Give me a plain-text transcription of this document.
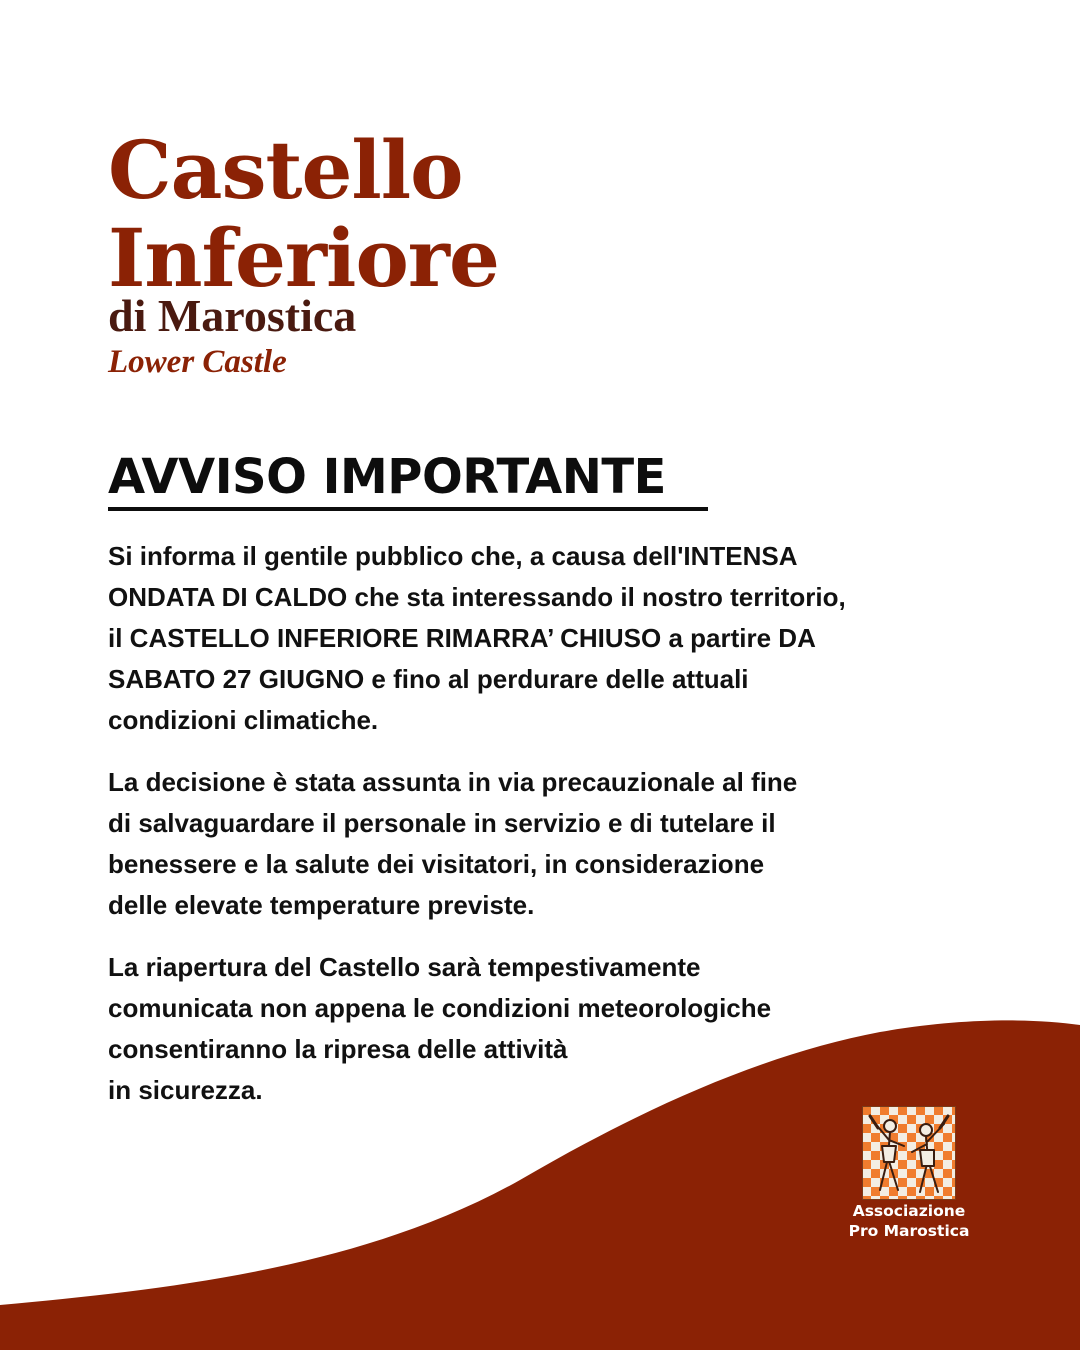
Castello
Inferiore
di Marostica

Lower Castle

AVVISO IMPORTANTE

Si informa il gentile pubblico che, a causa dell'INTENSA
ONDATA DI CALDO che sta interessando il nostro territorio,
il CASTELLO INFERIORE RIMARRA’ CHIUSO a partire DA
SABATO 27 GIUGNO e fino al perdurare delle attuali
condizioni climatiche.

La decisione è stata assunta in via precauzionale al fine
di salvaguardare il personale in servizio e di tutelare il
benessere e la salute dei visitatori, in considerazione
delle elevate temperature previste.

La riapertura del Castello sarà tempestivamente
comunicata non appena le condizioni meteorologiche
consentiranno la ripresa delle attività
in sicurezza.

Associazione
Pro Marostica
